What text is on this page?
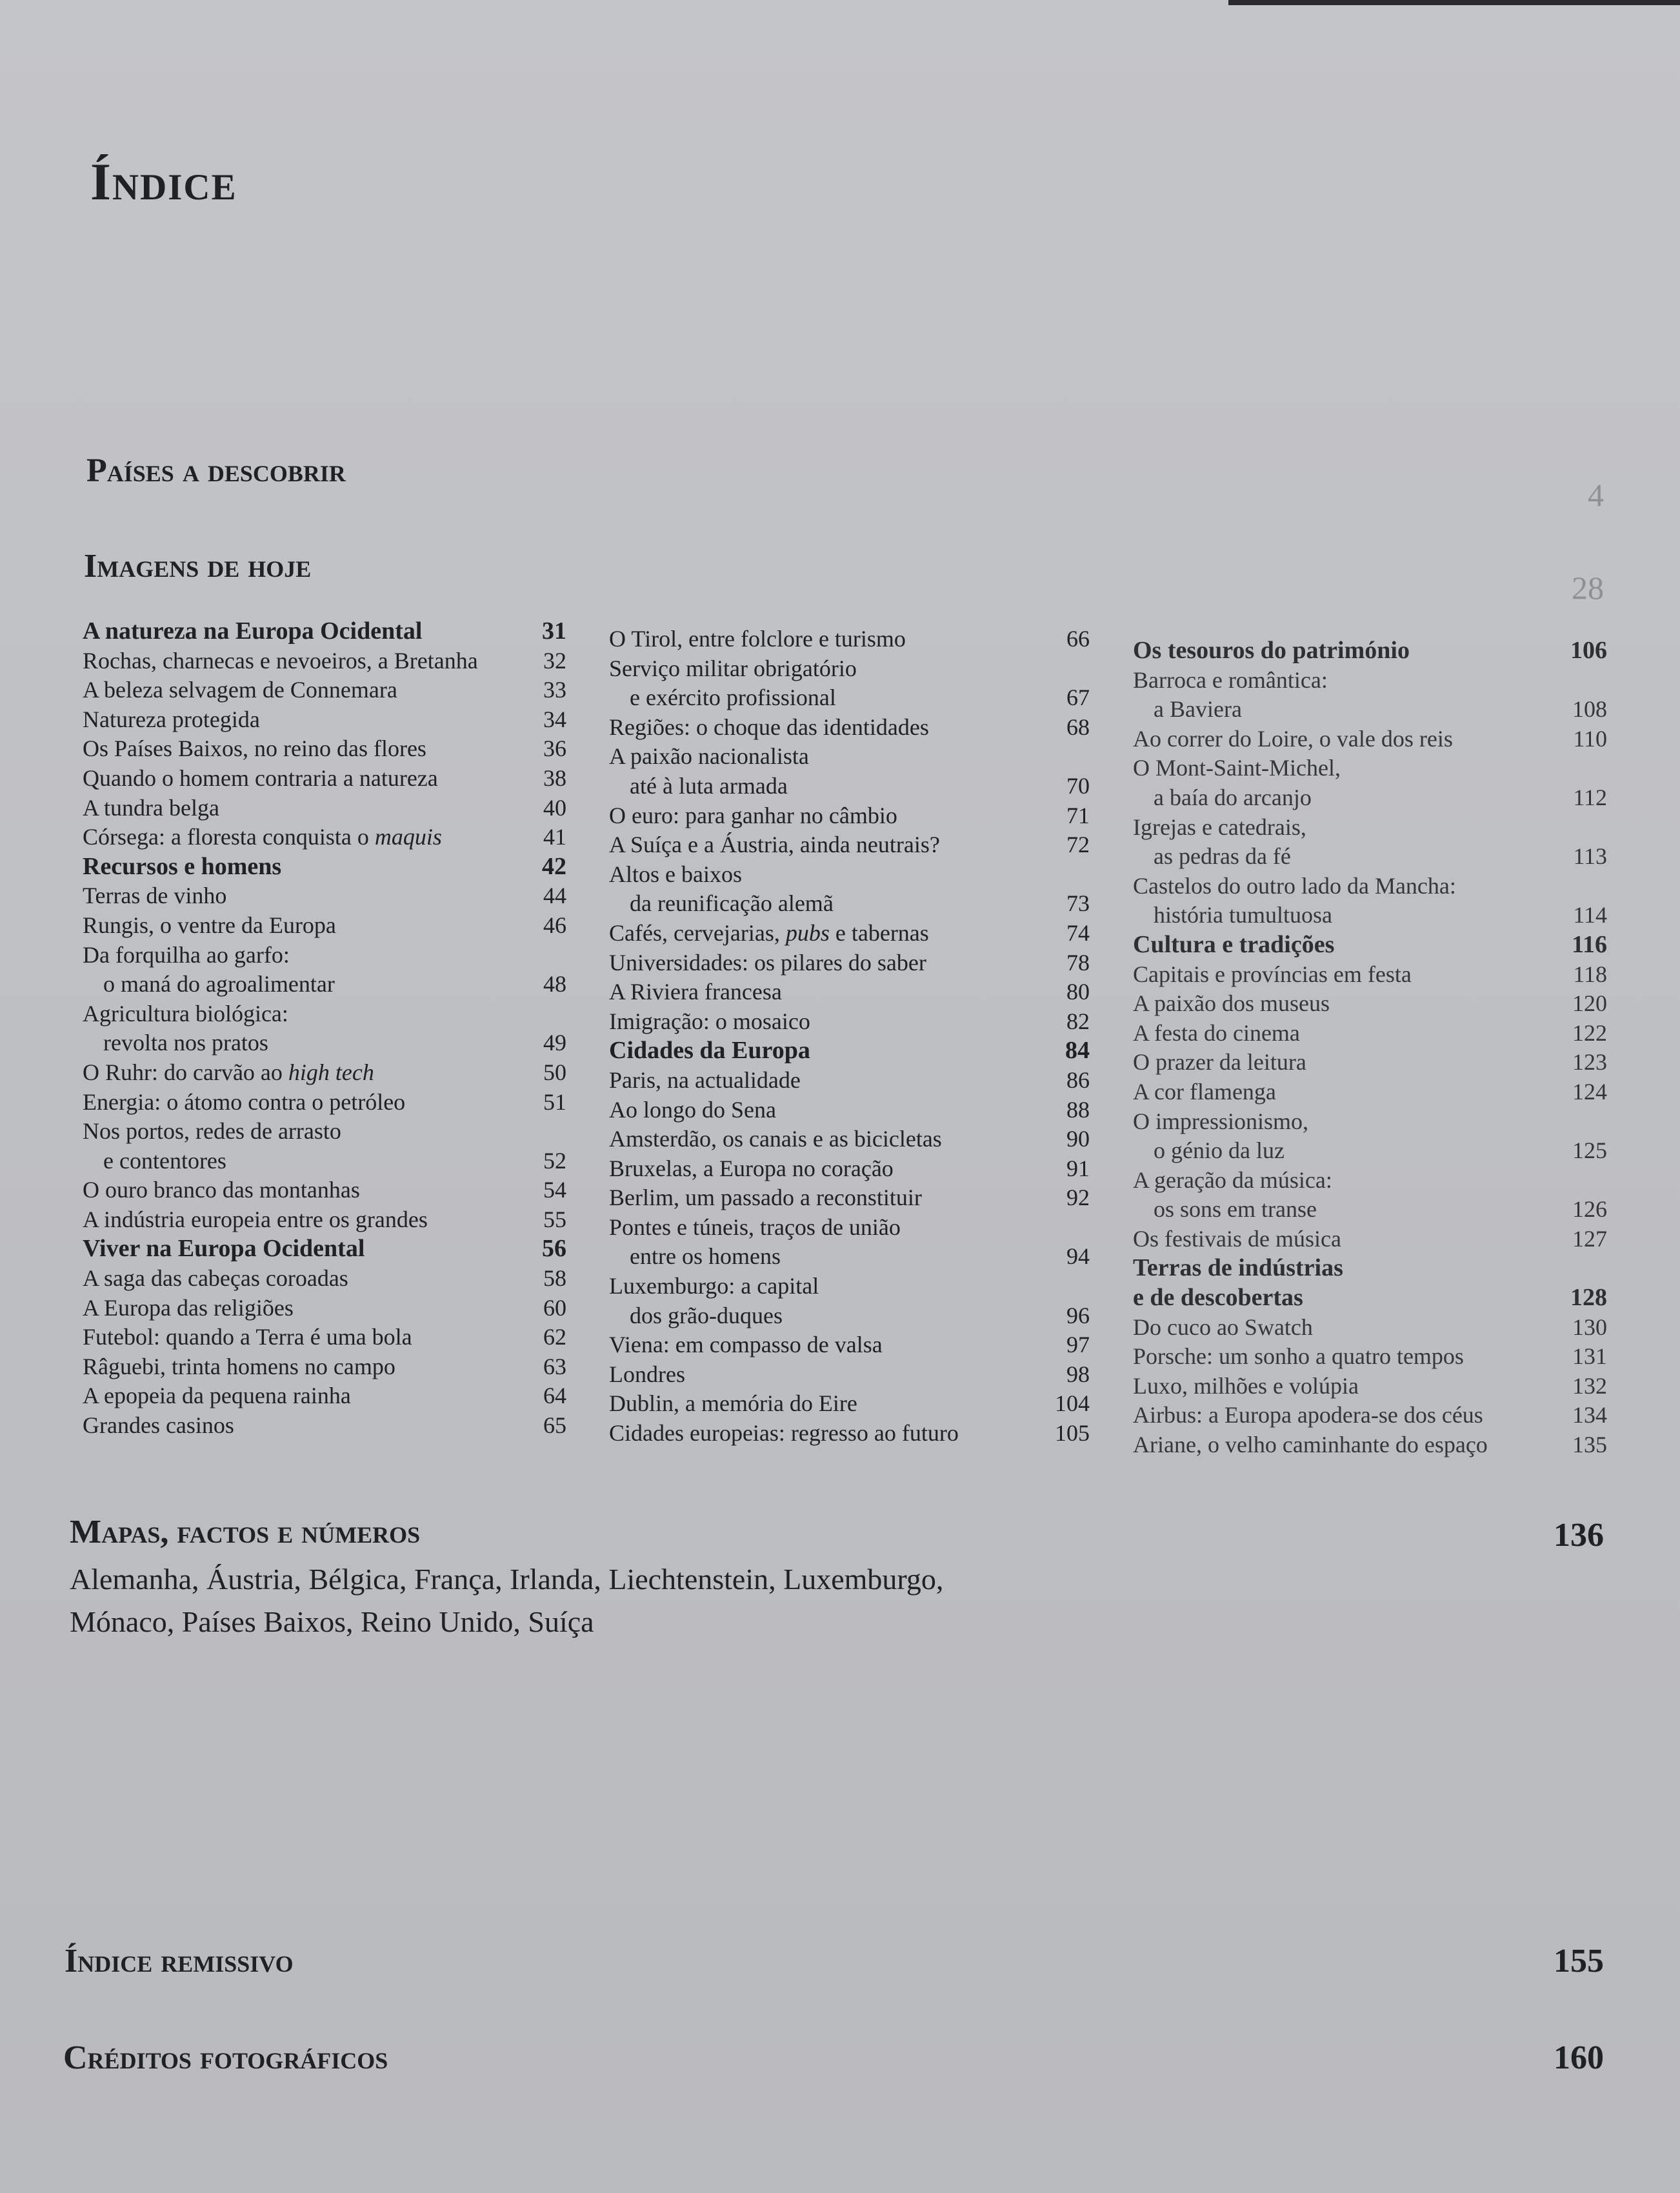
Índice
Países a descobrir
4
Imagens de hoje
28
A natureza na Europa Ocidental	31
Rochas, charnecas e nevoeiros, a Bretanha	32
A beleza selvagem de Connemara	33
Natureza protegida	34
Os Países Baixos, no reino das flores	36
Quando o homem contraria a natureza	38
A tundra belga	40
Córsega: a floresta conquista o maquis	41
Recursos e homens	42
Terras de vinho	44
Rungis, o ventre da Europa	46
Da forquilha ao garfo:
o maná do agroalimentar	48
Agricultura biológica:
revolta nos pratos	49
O Ruhr: do carvão ao high tech	50
Energia: o átomo contra o petróleo	51
Nos portos, redes de arrasto
e contentores	52
O ouro branco das montanhas	54
A indústria europeia entre os grandes	55
Viver na Europa Ocidental	56
A saga das cabeças coroadas	58
A Europa das religiões	60
Futebol: quando a Terra é uma bola	62
Râguebi, trinta homens no campo	63
A epopeia da pequena rainha	64
Grandes casinos	65
O Tirol, entre folclore e turismo	66
Serviço militar obrigatório
e exército profissional	67
Regiões: o choque das identidades	68
A paixão nacionalista
até à luta armada	70
O euro: para ganhar no câmbio	71
A Suíça e a Áustria, ainda neutrais?	72
Altos e baixos
da reunificação alemã	73
Cafés, cervejarias, pubs e tabernas	74
Universidades: os pilares do saber	78
A Riviera francesa	80
Imigração: o mosaico	82
Cidades da Europa	84
Paris, na actualidade	86
Ao longo do Sena	88
Amsterdão, os canais e as bicicletas	90
Bruxelas, a Europa no coração	91
Berlim, um passado a reconstituir	92
Pontes e túneis, traços de união
entre os homens	94
Luxemburgo: a capital
dos grão-duques	96
Viena: em compasso de valsa	97
Londres	98
Dublin, a memória do Eire	104
Cidades europeias: regresso ao futuro	105
Os tesouros do património	106
Barroca e romântica:
a Baviera	108
Ao correr do Loire, o vale dos reis	110
O Mont-Saint-Michel,
a baía do arcanjo	112
Igrejas e catedrais,
as pedras da fé	113
Castelos do outro lado da Mancha:
história tumultuosa	114
Cultura e tradições	116
Capitais e províncias em festa	118
A paixão dos museus	120
A festa do cinema	122
O prazer da leitura	123
A cor flamenga	124
O impressionismo,
o génio da luz	125
A geração da música:
os sons em transe	126
Os festivais de música	127
Terras de indústrias
e de descobertas	128
Do cuco ao Swatch	130
Porsche: um sonho a quatro tempos	131
Luxo, milhões e volúpia	132
Airbus: a Europa apodera-se dos céus	134
Ariane, o velho caminhante do espaço	135
Mapas, factos e números	136
Alemanha, Áustria, Bélgica, França, Irlanda, Liechtenstein, Luxemburgo,
Mónaco, Países Baixos, Reino Unido, Suíça
Índice remissivo	155
Créditos fotográficos	160
